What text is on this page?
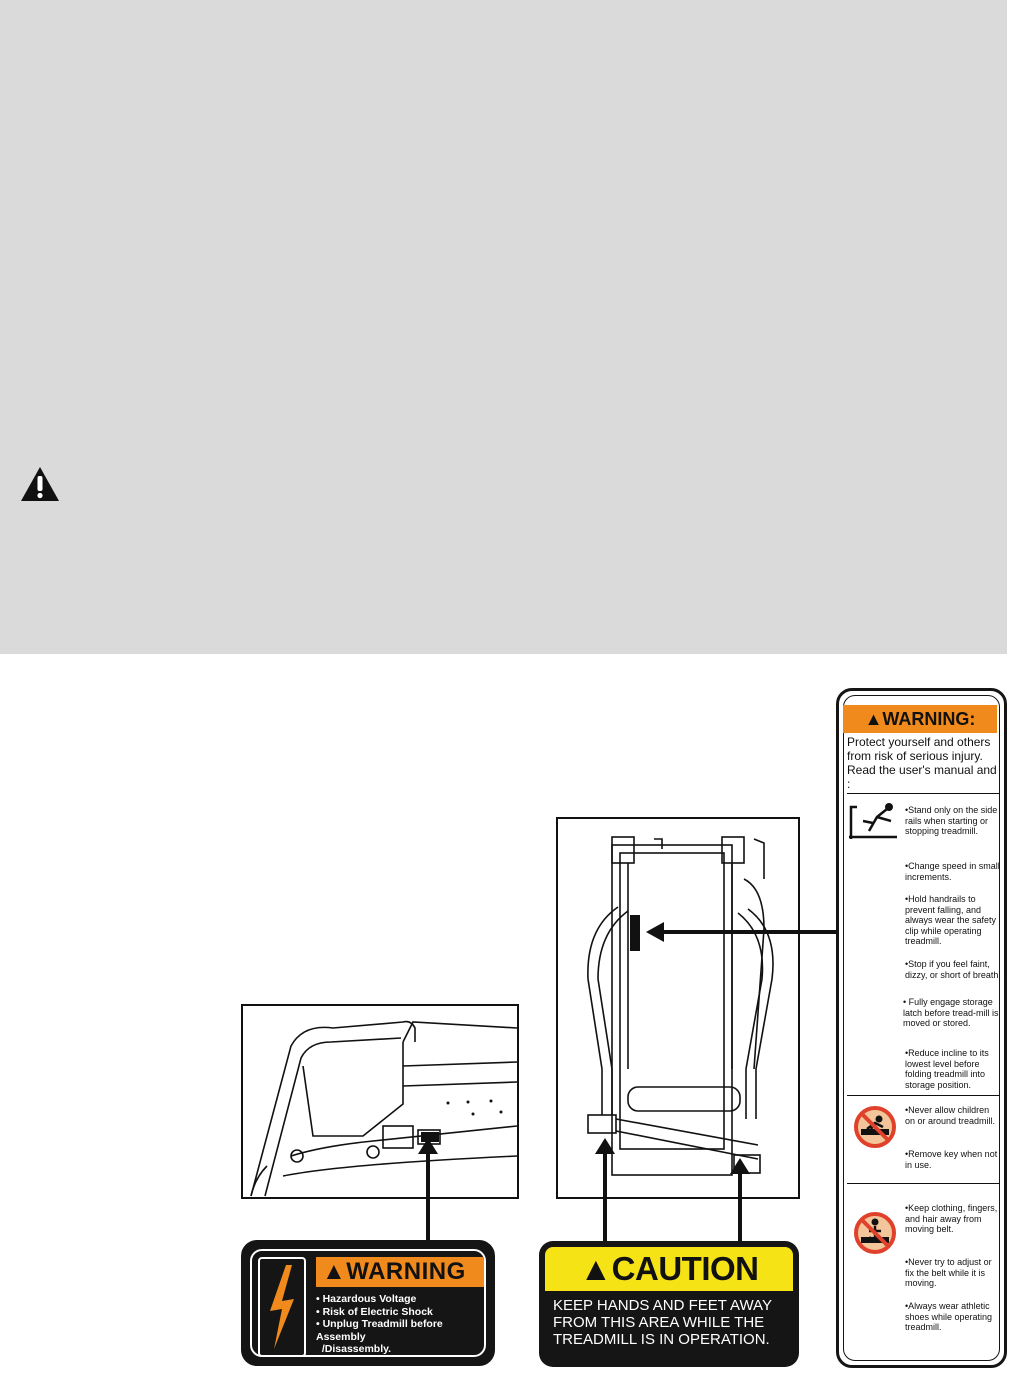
▲WARNING
• Hazardous Voltage
• Risk of Electric Shock
• Unplug Treadmill before Assembly
/Disassembly.
▲CAUTION
KEEP HANDS AND FEET AWAY
FROM THIS AREA WHILE THE
TREADMILL IS IN OPERATION.
▲WARNING:
Protect yourself and others from risk of serious injury. Read the user's manual and :
•Stand only on the side rails when starting or stopping treadmill.
•Change speed in small increments.
•Hold handrails to prevent falling, and always wear the safety clip while operating treadmill.
•Stop if you feel faint, dizzy, or short of breath.
• Fully engage storage latch before tread-mill is moved or stored.
•Reduce incline to its lowest level before folding treadmill into storage position.
•Never allow children on or around treadmill.
•Remove key when not in use.
•Keep clothing, fingers, and hair away from moving belt.
•Never try to adjust or fix the belt while it is moving.
•Always wear athletic shoes while operating treadmill.
